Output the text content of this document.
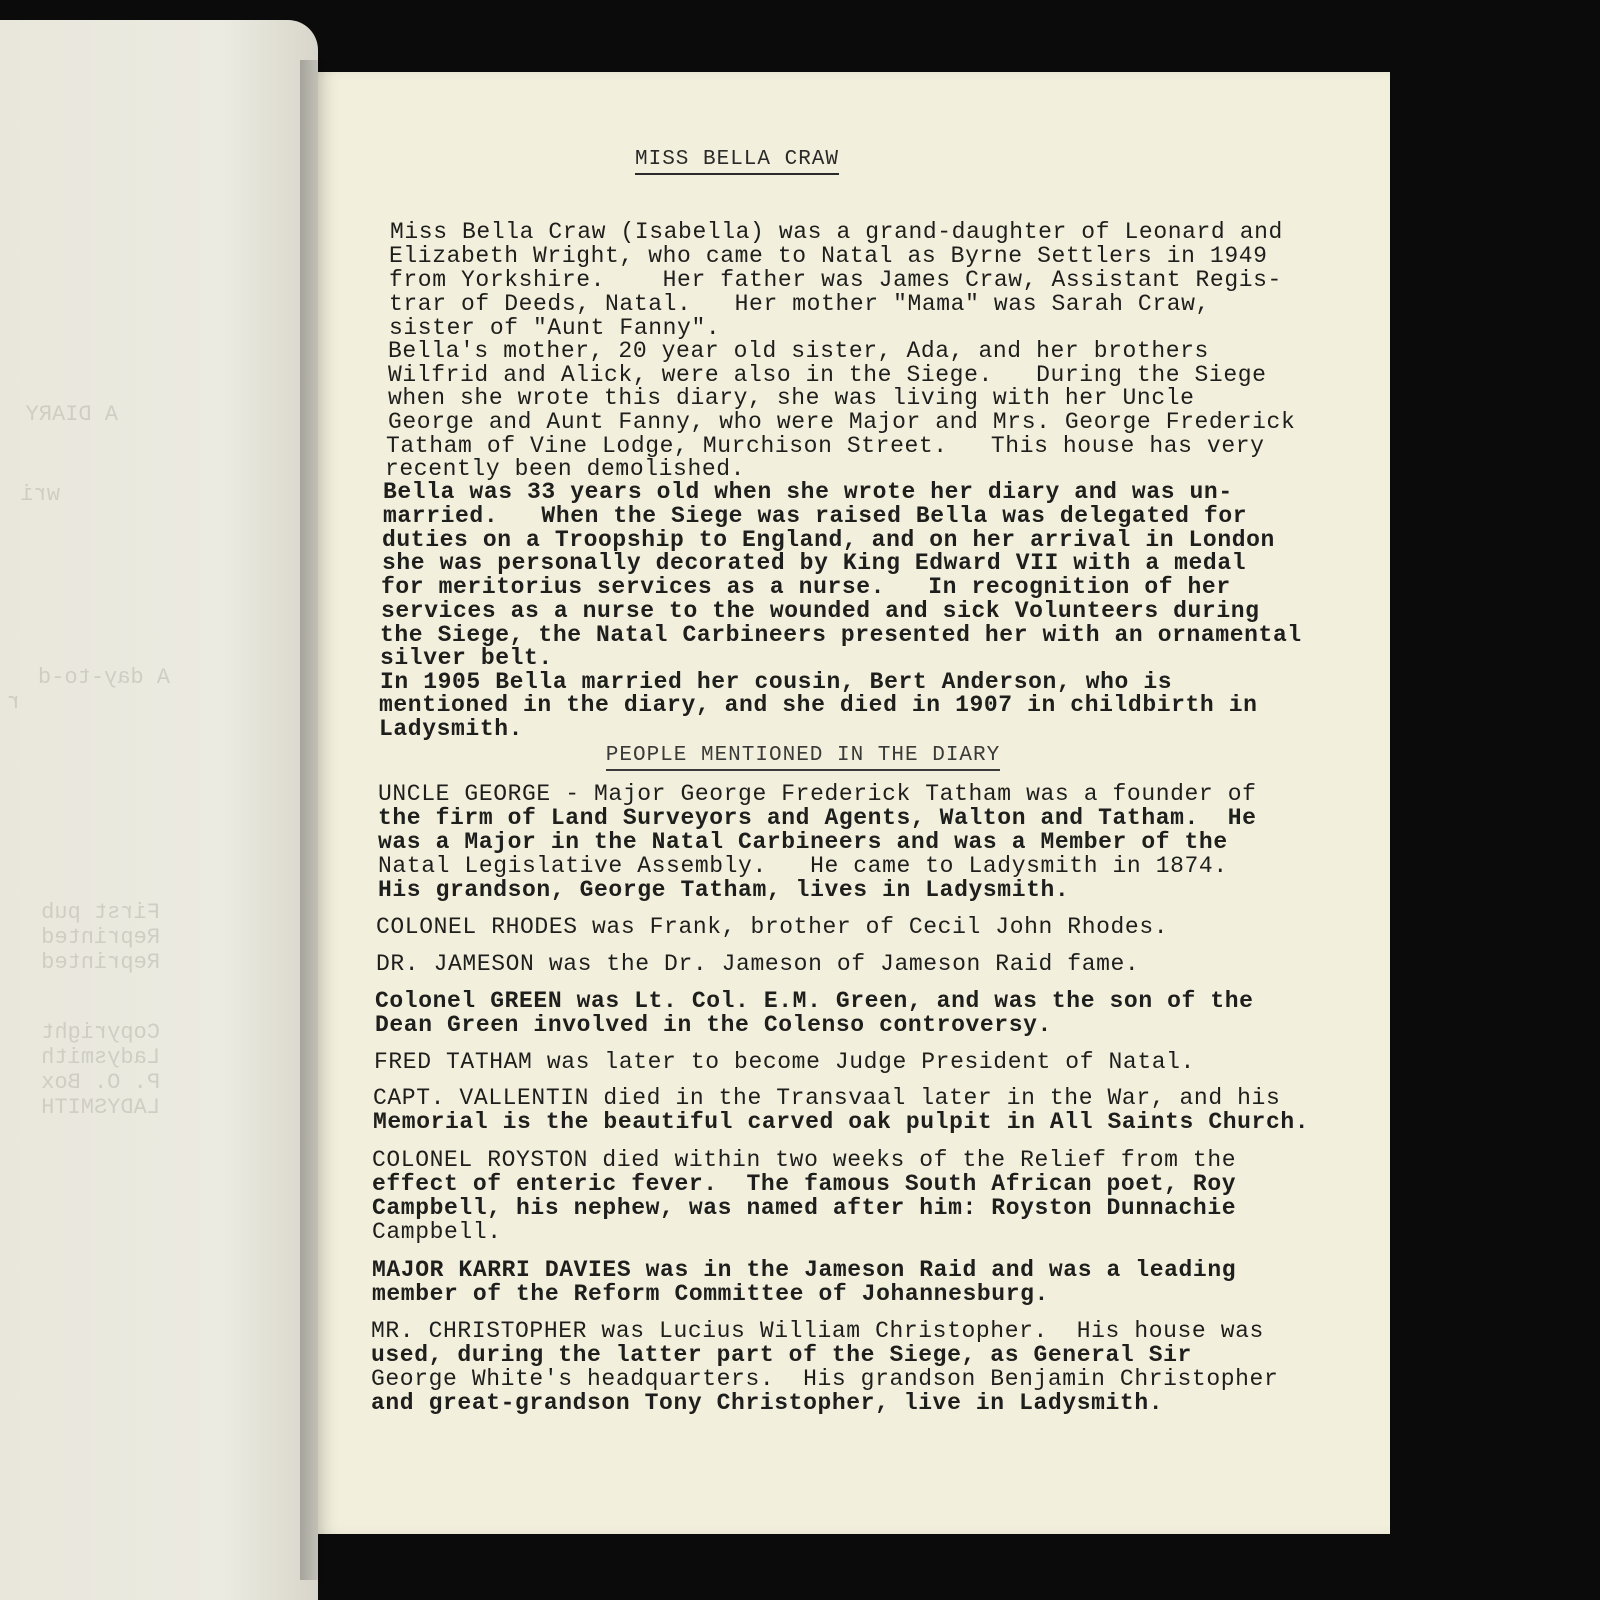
A DIARY
wri
A day-to-d
r
First pub
Reprinted
Reprinted
Copyright
Ladysmith
P. O. Box
LADYSMITH
MISS BELLA CRAW
Miss Bella Craw (Isabella) was a grand-daughter of Leonard and
Elizabeth Wright, who came to Natal as Byrne Settlers in 1949
from Yorkshire.    Her father was James Craw, Assistant Regis-
trar of Deeds, Natal.   Her mother "Mama" was Sarah Craw,
sister of "Aunt Fanny".
Bella's mother, 20 year old sister, Ada, and her brothers
Wilfrid and Alick, were also in the Siege.   During the Siege
when she wrote this diary, she was living with her Uncle
George and Aunt Fanny, who were Major and Mrs. George Frederick
Tatham of Vine Lodge, Murchison Street.   This house has very
recently been demolished.
Bella was 33 years old when she wrote her diary and was un-
married.   When the Siege was raised Bella was delegated for
duties on a Troopship to England, and on her arrival in London
she was personally decorated by King Edward VII with a medal
for meritorius services as a nurse.   In recognition of her
services as a nurse to the wounded and sick Volunteers during
the Siege, the Natal Carbineers presented her with an ornamental
silver belt.
In 1905 Bella married her cousin, Bert Anderson, who is
mentioned in the diary, and she died in 1907 in childbirth in
Ladysmith.
PEOPLE MENTIONED IN THE DIARY
UNCLE GEORGE - Major George Frederick Tatham was a founder of
the firm of Land Surveyors and Agents, Walton and Tatham.  He
was a Major in the Natal Carbineers and was a Member of the
Natal Legislative Assembly.   He came to Ladysmith in 1874.
His grandson, George Tatham, lives in Ladysmith.
COLONEL RHODES was Frank, brother of Cecil John Rhodes.
DR. JAMESON was the Dr. Jameson of Jameson Raid fame.
Colonel GREEN was Lt. Col. E.M. Green, and was the son of the
Dean Green involved in the Colenso controversy.
FRED TATHAM was later to become Judge President of Natal.
CAPT. VALLENTIN died in the Transvaal later in the War, and his
Memorial is the beautiful carved oak pulpit in All Saints Church.
COLONEL ROYSTON died within two weeks of the Relief from the
effect of enteric fever.  The famous South African poet, Roy
Campbell, his nephew, was named after him: Royston Dunnachie
Campbell.
MAJOR KARRI DAVIES was in the Jameson Raid and was a leading
member of the Reform Committee of Johannesburg.
MR. CHRISTOPHER was Lucius William Christopher.  His house was
used, during the latter part of the Siege, as General Sir
George White's headquarters.  His grandson Benjamin Christopher
and great-grandson Tony Christopher, live in Ladysmith.
